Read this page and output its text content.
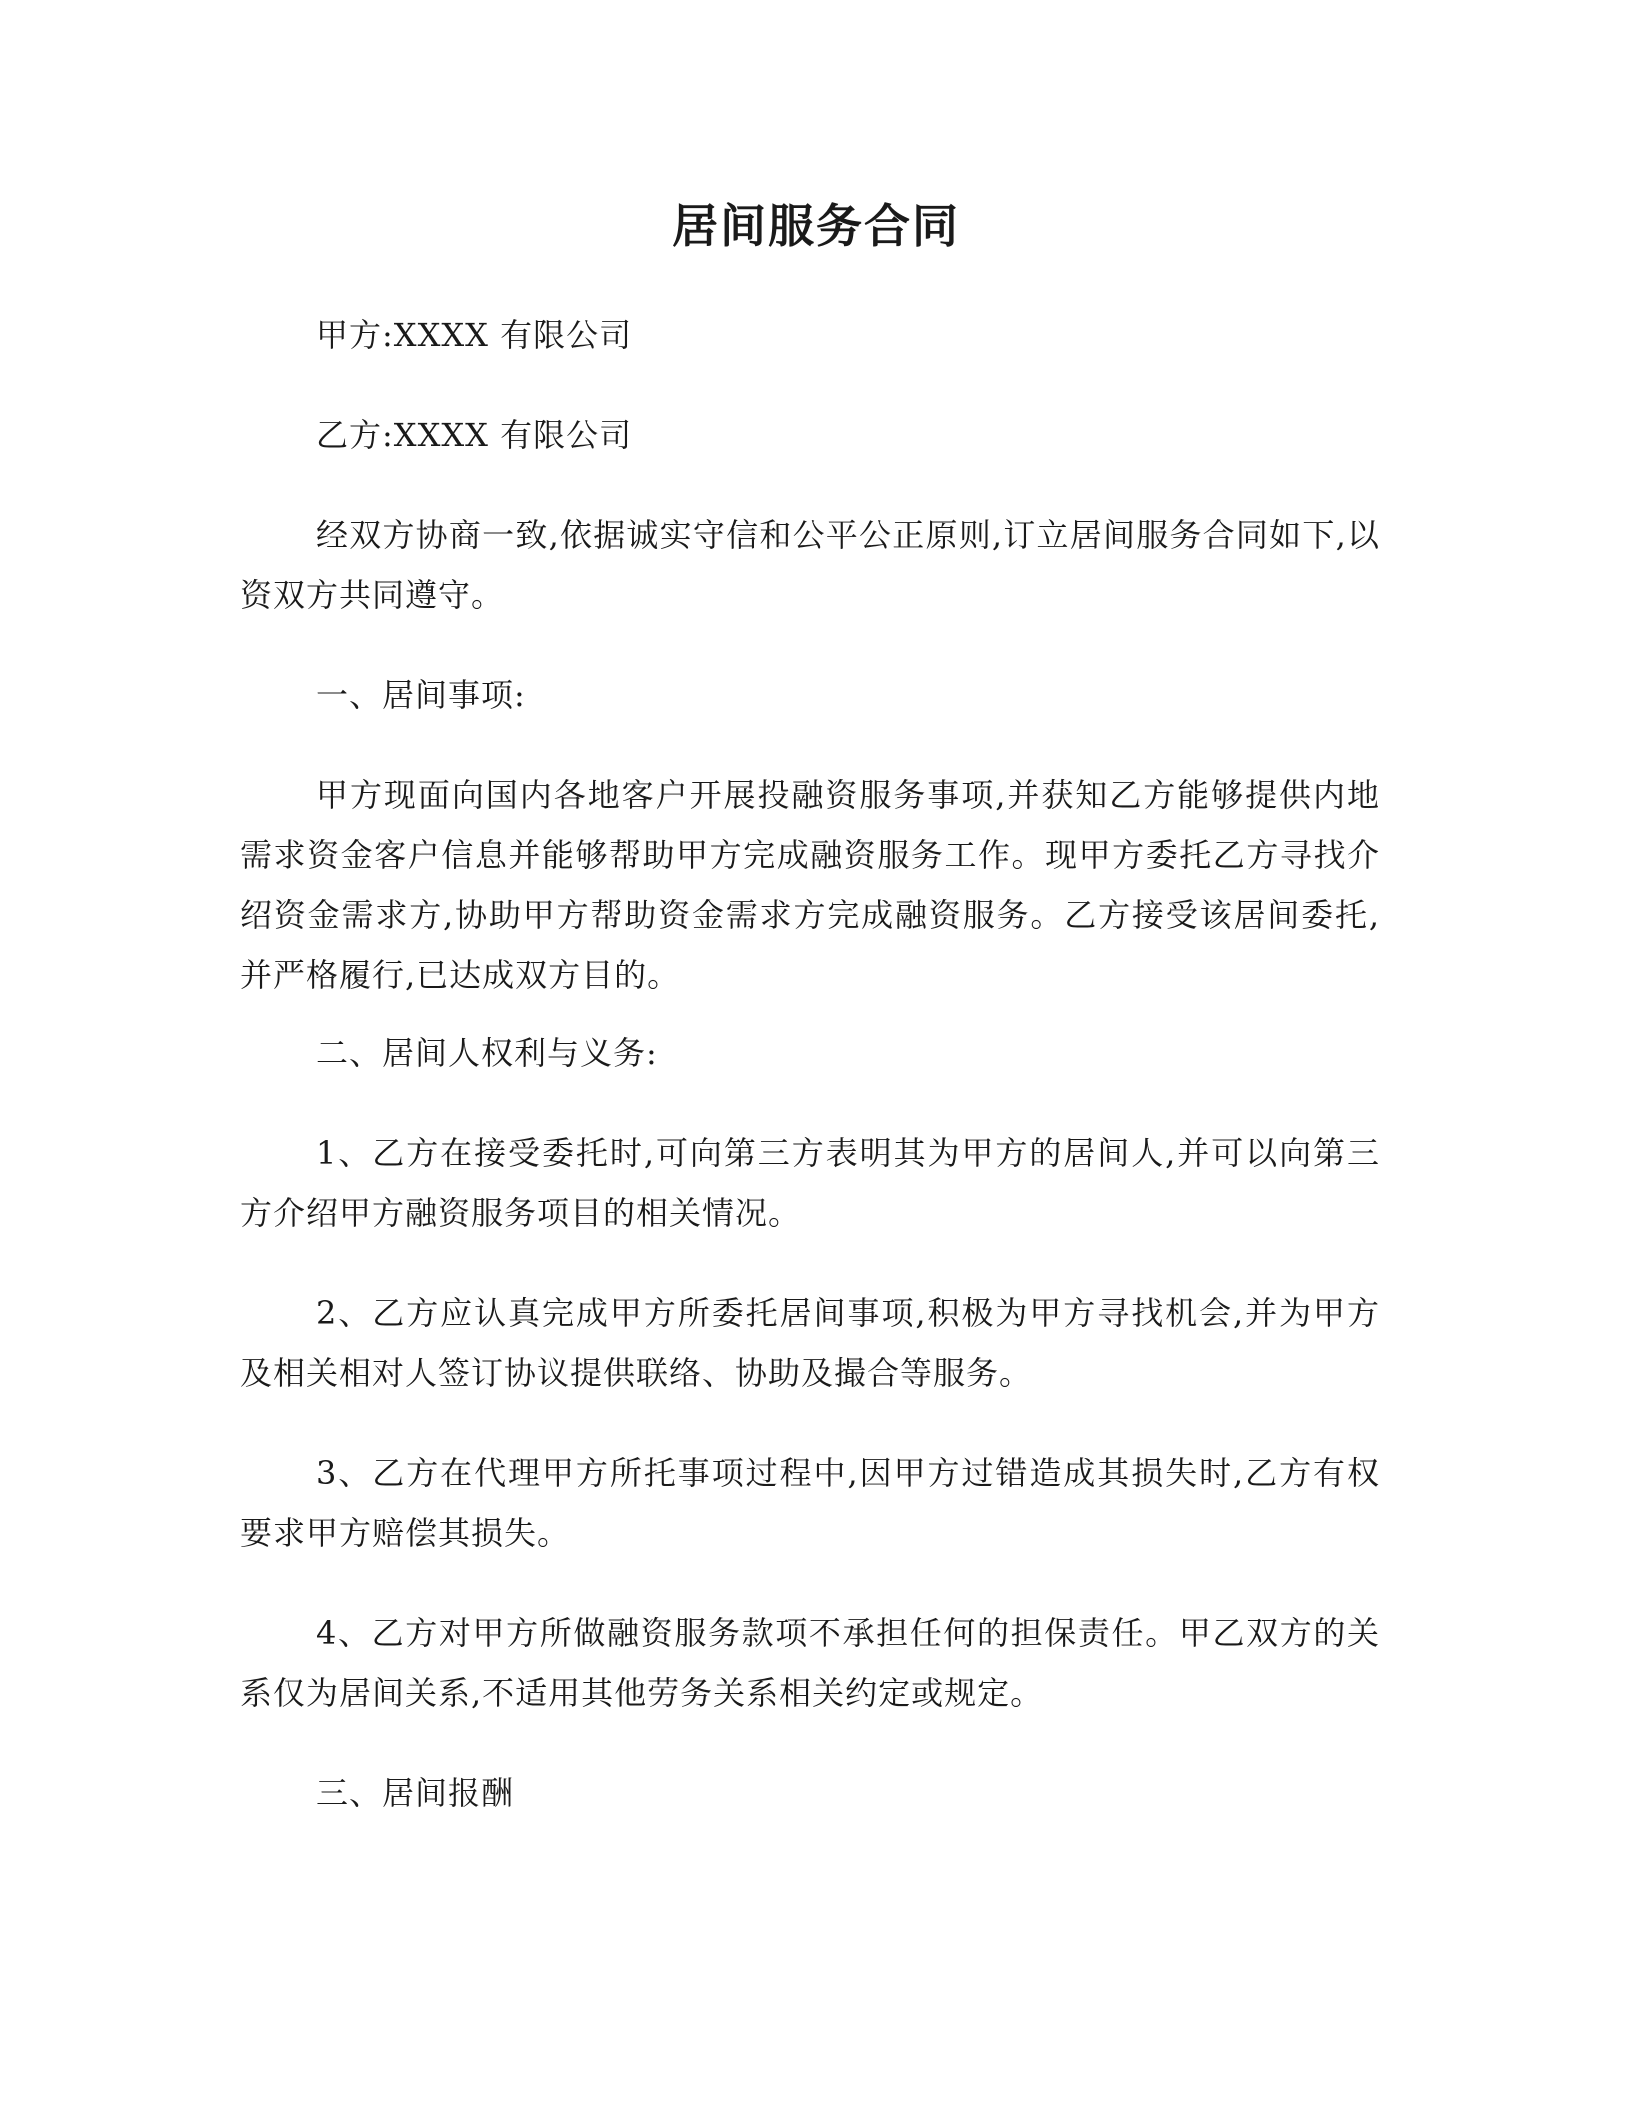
居间服务合同

甲方:XXXX 有限公司

乙方:XXXX 有限公司

经双方协商一致,依据诚实守信和公平公正原则,订立居间服务合同如下,以资双方共同遵守。

一、居间事项:

甲方现面向国内各地客户开展投融资服务事项,并获知乙方能够提供内地需求资金客户信息并能够帮助甲方完成融资服务工作。现甲方委托乙方寻找介绍资金需求方,协助甲方帮助资金需求方完成融资服务。乙方接受该居间委托,并严格履行,已达成双方目的。

二、居间人权利与义务:

1、乙方在接受委托时,可向第三方表明其为甲方的居间人,并可以向第三方介绍甲方融资服务项目的相关情况。

2、乙方应认真完成甲方所委托居间事项,积极为甲方寻找机会,并为甲方及相关相对人签订协议提供联络、协助及撮合等服务。

3、乙方在代理甲方所托事项过程中,因甲方过错造成其损失时,乙方有权要求甲方赔偿其损失。

4、乙方对甲方所做融资服务款项不承担任何的担保责任。甲乙双方的关系仅为居间关系,不适用其他劳务关系相关约定或规定。

三、居间报酬
